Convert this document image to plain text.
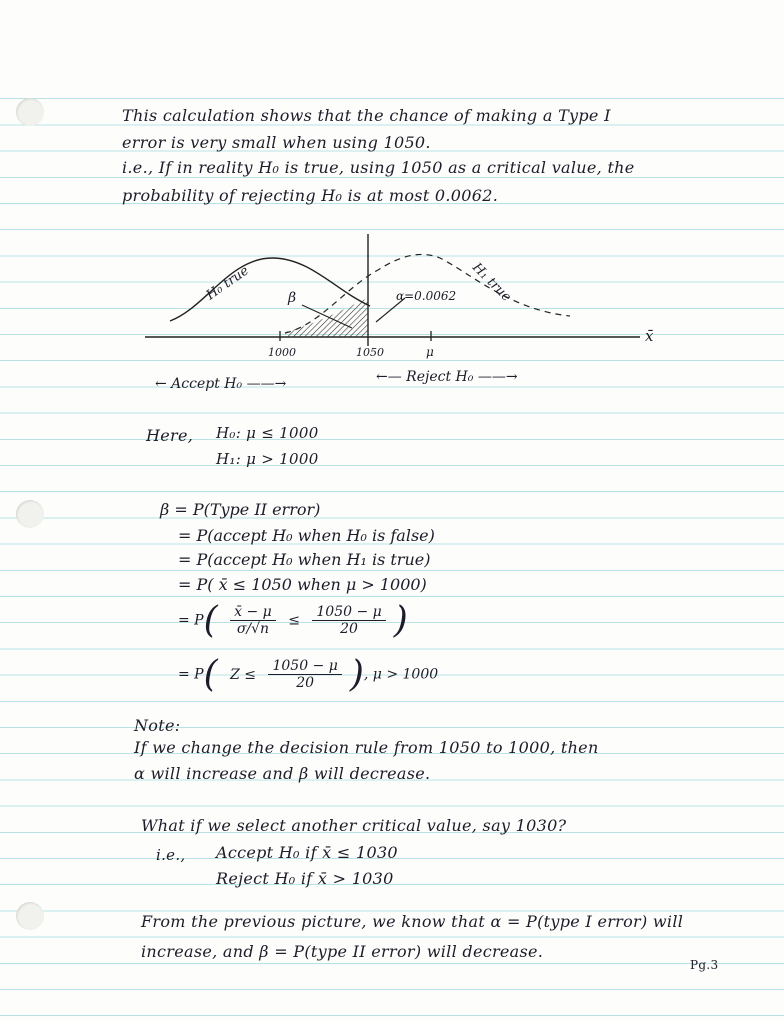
This calculation shows that the chance of making a Type I
error is very small when using 1050.
i.e., If in reality H₀ is true, using 1050 as a critical value, the
probability of rejecting H₀ is at most 0.0062.
H₀ true	H₁ true
β	α=0.0062
x̄
1000	1050	μ
← Accept H₀ ——→	←— Reject H₀ ——→
Here, H₀: μ ≤ 1000
H₁: μ > 1000
β = P(Type II error)
= P(accept H₀ when H₀ is false)
= P(accept H₀ when H₁ is true)
= P( x̄ ≤ 1050 when μ > 1000)
= $P( \frac{x̄ - \mu}{\sigma/√n} \le \frac{1050 - \mu}{20}$ )
= P( $Z \le \frac{1050 - \mu}{20}$ ), μ > 1000
Note:
If we change the decision rule from 1050 to 1000, then
α will increase and β will decrease.
What if we select another critical value, say 1030?
i.e., Accept H₀ if x̄ ≤ 1030
Reject H₀ if x̄ > 1030
From the previous picture, we know that α = P(type I error) will
increase, and β = P(type II error) will decrease.
Pg.3
